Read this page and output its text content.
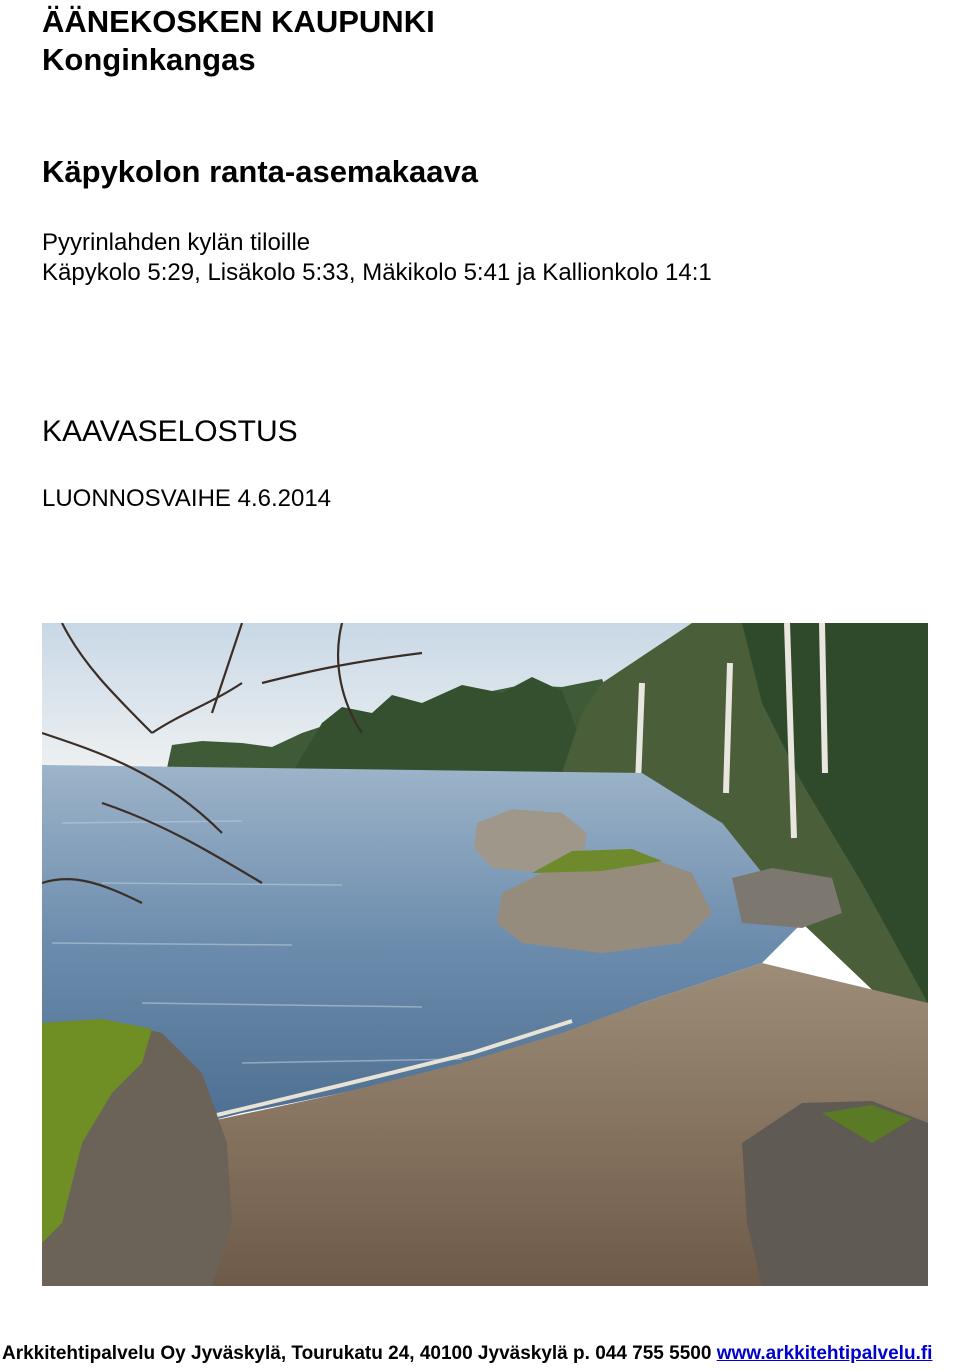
ÄÄNEKOSKEN KAUPUNKI
Konginkangas
Käpykolon ranta-asemakaava
Pyyrinlahden kylän tiloille
Käpykolo 5:29, Lisäkolo 5:33, Mäkikolo 5:41 ja Kallionkolo 14:1
KAAVASELOSTUS
LUONNOSVAIHE 4.6.2014
Arkkitehtipalvelu Oy Jyväskylä, Tourukatu 24, 40100 Jyväskylä p. 044 755 5500 www.arkkitehtipalvelu.fi
